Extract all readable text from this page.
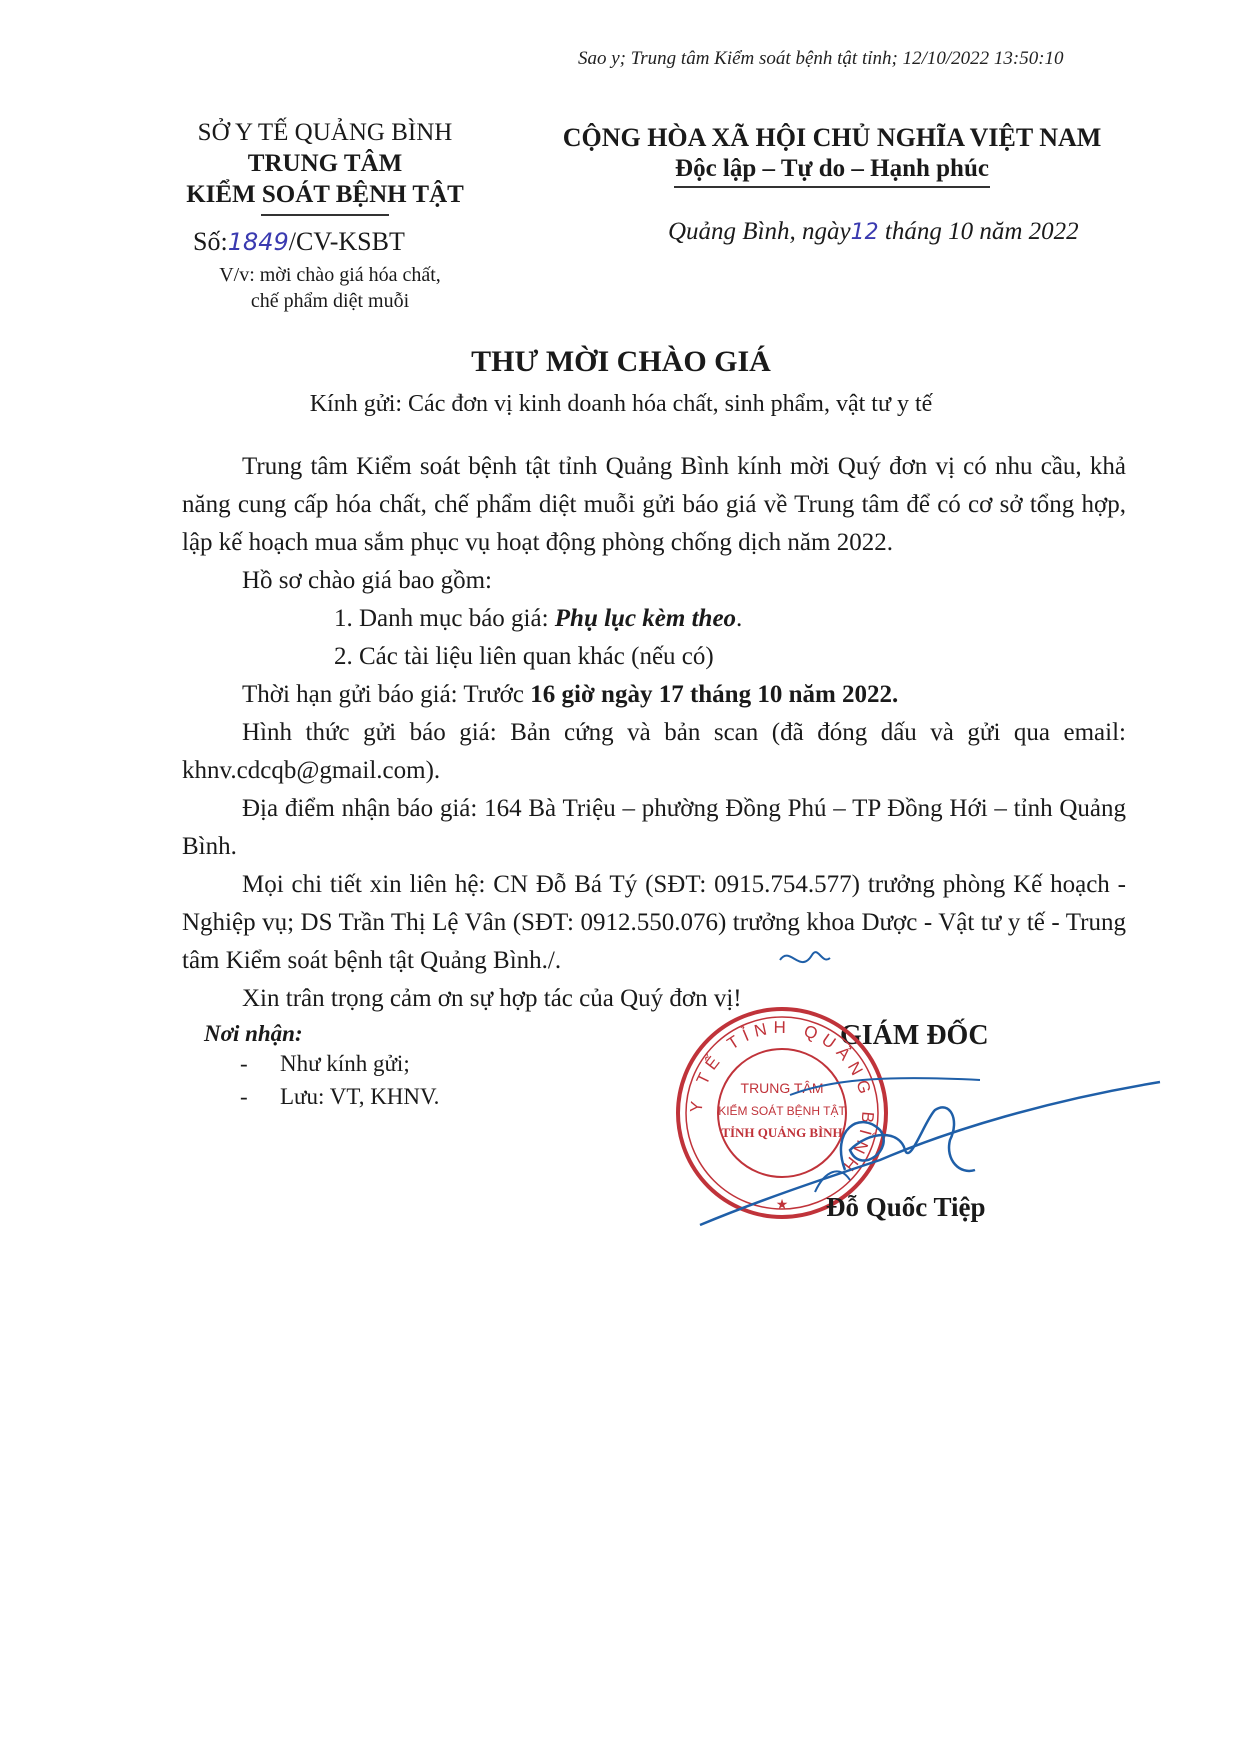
Sao y; Trung tâm Kiểm soát bệnh tật tỉnh; 12/10/2022 13:50:10
SỞ Y TẾ QUẢNG BÌNH
TRUNG TÂM
KIỂM SOÁT BỆNH TẬT
Số:1849/CV-KSBT
V/v: mời chào giá hóa chất,
chế phẩm diệt muỗi
CỘNG HÒA XÃ HỘI CHỦ NGHĨA VIỆT NAM
Độc lập – Tự do – Hạnh phúc
Quảng Bình, ngày12 tháng 10 năm 2022
THƯ MỜI CHÀO GIÁ
Kính gửi: Các đơn vị kinh doanh hóa chất, sinh phẩm, vật tư y tế

Trung tâm Kiểm soát bệnh tật tỉnh Quảng Bình kính mời Quý đơn vị có nhu cầu, khả năng cung cấp hóa chất, chế phẩm diệt muỗi gửi báo giá về Trung tâm để có cơ sở tổng hợp, lập kế hoạch mua sắm phục vụ hoạt động phòng chống dịch năm 2022.

Hồ sơ chào giá bao gồm:

1. Danh mục báo giá: Phụ lục kèm theo.

2. Các tài liệu liên quan khác (nếu có)

Thời hạn gửi báo giá: Trước 16 giờ ngày 17 tháng 10 năm 2022.

Hình thức gửi báo giá: Bản cứng và bản scan (đã đóng dấu và gửi qua email: khnv.cdcqb@gmail.com).

Địa điểm nhận báo giá: 164 Bà Triệu – phường Đồng Phú – TP Đồng Hới – tỉnh Quảng Bình.

Mọi chi tiết xin liên hệ: CN Đỗ Bá Tý (SĐT: 0915.754.577) trưởng phòng Kế hoạch - Nghiệp vụ; DS Trần Thị Lệ Vân (SĐT: 0912.550.076) trưởng khoa Dược - Vật tư y tế - Trung tâm Kiểm soát bệnh tật Quảng Bình./.

Xin trân trọng cảm ơn sự hợp tác của Quý đơn vị!

Nơi nhận:
- Như kính gửi;
- Lưu: VT, KHNV.
GIÁM ĐỐC
Y TẾ TỈNH QUẢNG BÌNH
TRUNG TÂM
KIỂM SOÁT BỆNH TẬT
TỈNH QUẢNG BÌNH
★ Đỗ Quốc Tiệp
